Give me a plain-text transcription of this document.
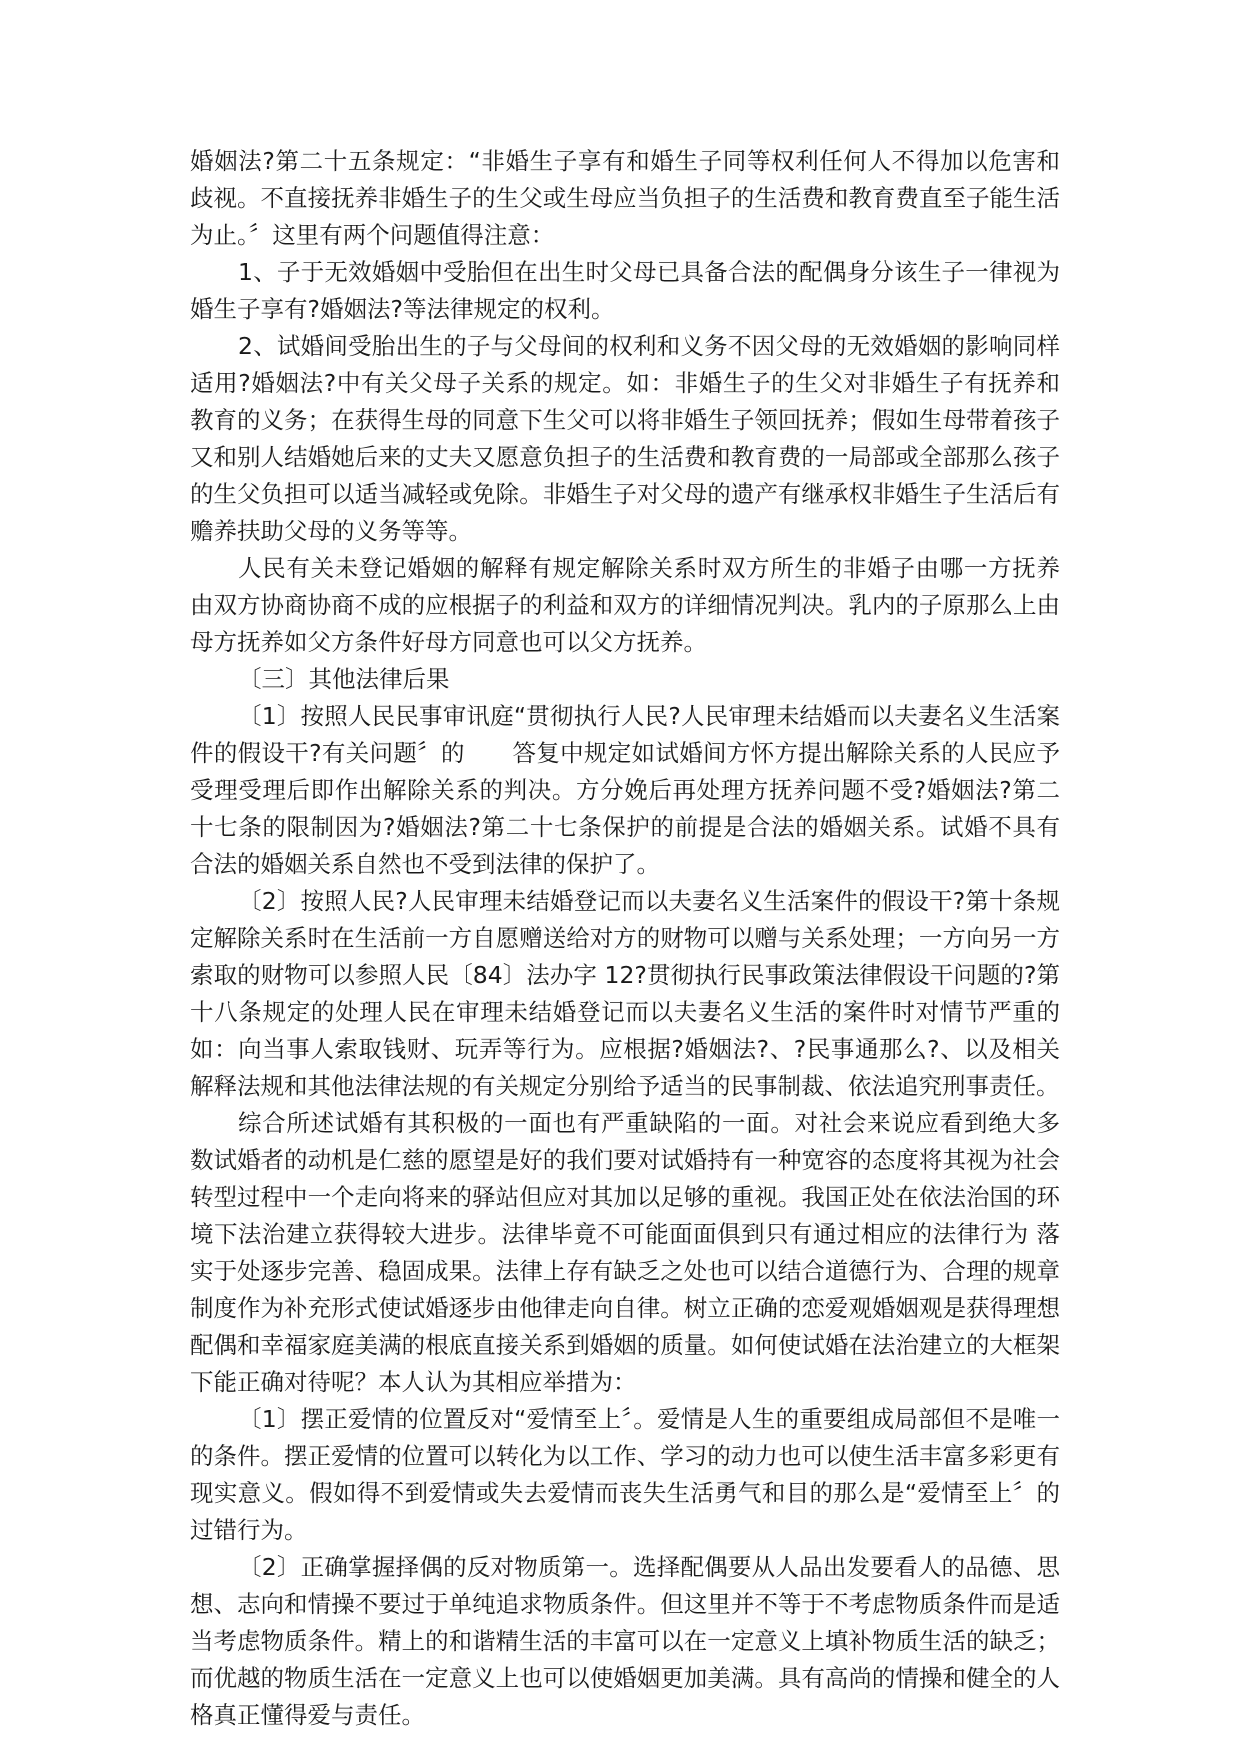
婚姻法?第二十五条规定：“非婚生子享有和婚生子同等权利任何人不得加以危害和歧视。不直接抚养非婚生子的生父或生母应当负担子的生活费和教育费直至子能生活为止。〞这里有两个问题值得注意：

1、子于无效婚姻中受胎但在出生时父母已具备合法的配偶身分该生子一律视为婚生子享有?婚姻法?等法律规定的权利。

2、试婚间受胎出生的子与父母间的权利和义务不因父母的无效婚姻的影响同样适用?婚姻法?中有关父母子关系的规定。如：非婚生子的生父对非婚生子有抚养和教育的义务；在获得生母的同意下生父可以将非婚生子领回抚养；假如生母带着孩子又和别人结婚她后来的丈夫又愿意负担子的生活费和教育费的一局部或全部那么孩子的生父负担可以适当减轻或免除。非婚生子对父母的遗产有继承权非婚生子生活后有赡养扶助父母的义务等等。

人民有关未登记婚姻的解释有规定解除关系时双方所生的非婚子由哪一方抚养由双方协商协商不成的应根据子的利益和双方的详细情况判决。乳内的子原那么上由母方抚养如父方条件好母方同意也可以父方抚养。

〔三〕其他法律后果

〔1〕按照人民民事审讯庭“贯彻执行人民?人民审理未结婚而以夫妻名义生活案件的假设干?有关问题〞的　　答复中规定如试婚间方怀方提出解除关系的人民应予受理受理后即作出解除关系的判决。方分娩后再处理方抚养问题不受?婚姻法?第二十七条的限制因为?婚姻法?第二十七条保护的前提是合法的婚姻关系。试婚不具有合法的婚姻关系自然也不受到法律的保护了。

〔2〕按照人民?人民审理未结婚登记而以夫妻名义生活案件的假设干?第十条规定解除关系时在生活前一方自愿赠送给对方的财物可以赠与关系处理；一方向另一方索取的财物可以参照人民〔84〕法办字 12?贯彻执行民事政策法律假设干问题的?第十八条规定的处理人民在审理未结婚登记而以夫妻名义生活的案件时对情节严重的如：向当事人索取钱财、玩弄等行为。应根据?婚姻法?、?民事通那么?、以及相关解释法规和其他法律法规的有关规定分别给予适当的民事制裁、依法追究刑事责任。

综合所述试婚有其积极的一面也有严重缺陷的一面。对社会来说应看到绝大多数试婚者的动机是仁慈的愿望是好的我们要对试婚持有一种宽容的态度将其视为社会转型过程中一个走向将来的驿站但应对其加以足够的重视。我国正处在依法治国的环境下法治建立获得较大进步。法律毕竟不可能面面俱到只有通过相应的法律行为 落实于处逐步完善、稳固成果。法律上存有缺乏之处也可以结合道德行为、合理的规章制度作为补充形式使试婚逐步由他律走向自律。树立正确的恋爱观婚姻观是获得理想配偶和幸福家庭美满的根底直接关系到婚姻的质量。如何使试婚在法治建立的大框架下能正确对待呢？本人认为其相应举措为：

〔1〕摆正爱情的位置反对“爱情至上〞。爱情是人生的重要组成局部但不是唯一的条件。摆正爱情的位置可以转化为以工作、学习的动力也可以使生活丰富多彩更有现实意义。假如得不到爱情或失去爱情而丧失生活勇气和目的那么是“爱情至上〞的过错行为。

〔2〕正确掌握择偶的反对物质第一。选择配偶要从人品出发要看人的品德、思想、志向和情操不要过于单纯追求物质条件。但这里并不等于不考虑物质条件而是适当考虑物质条件。精上的和谐精生活的丰富可以在一定意义上填补物质生活的缺乏；而优越的物质生活在一定意义上也可以使婚姻更加美满。具有高尚的情操和健全的人格真正懂得爱与责任。
